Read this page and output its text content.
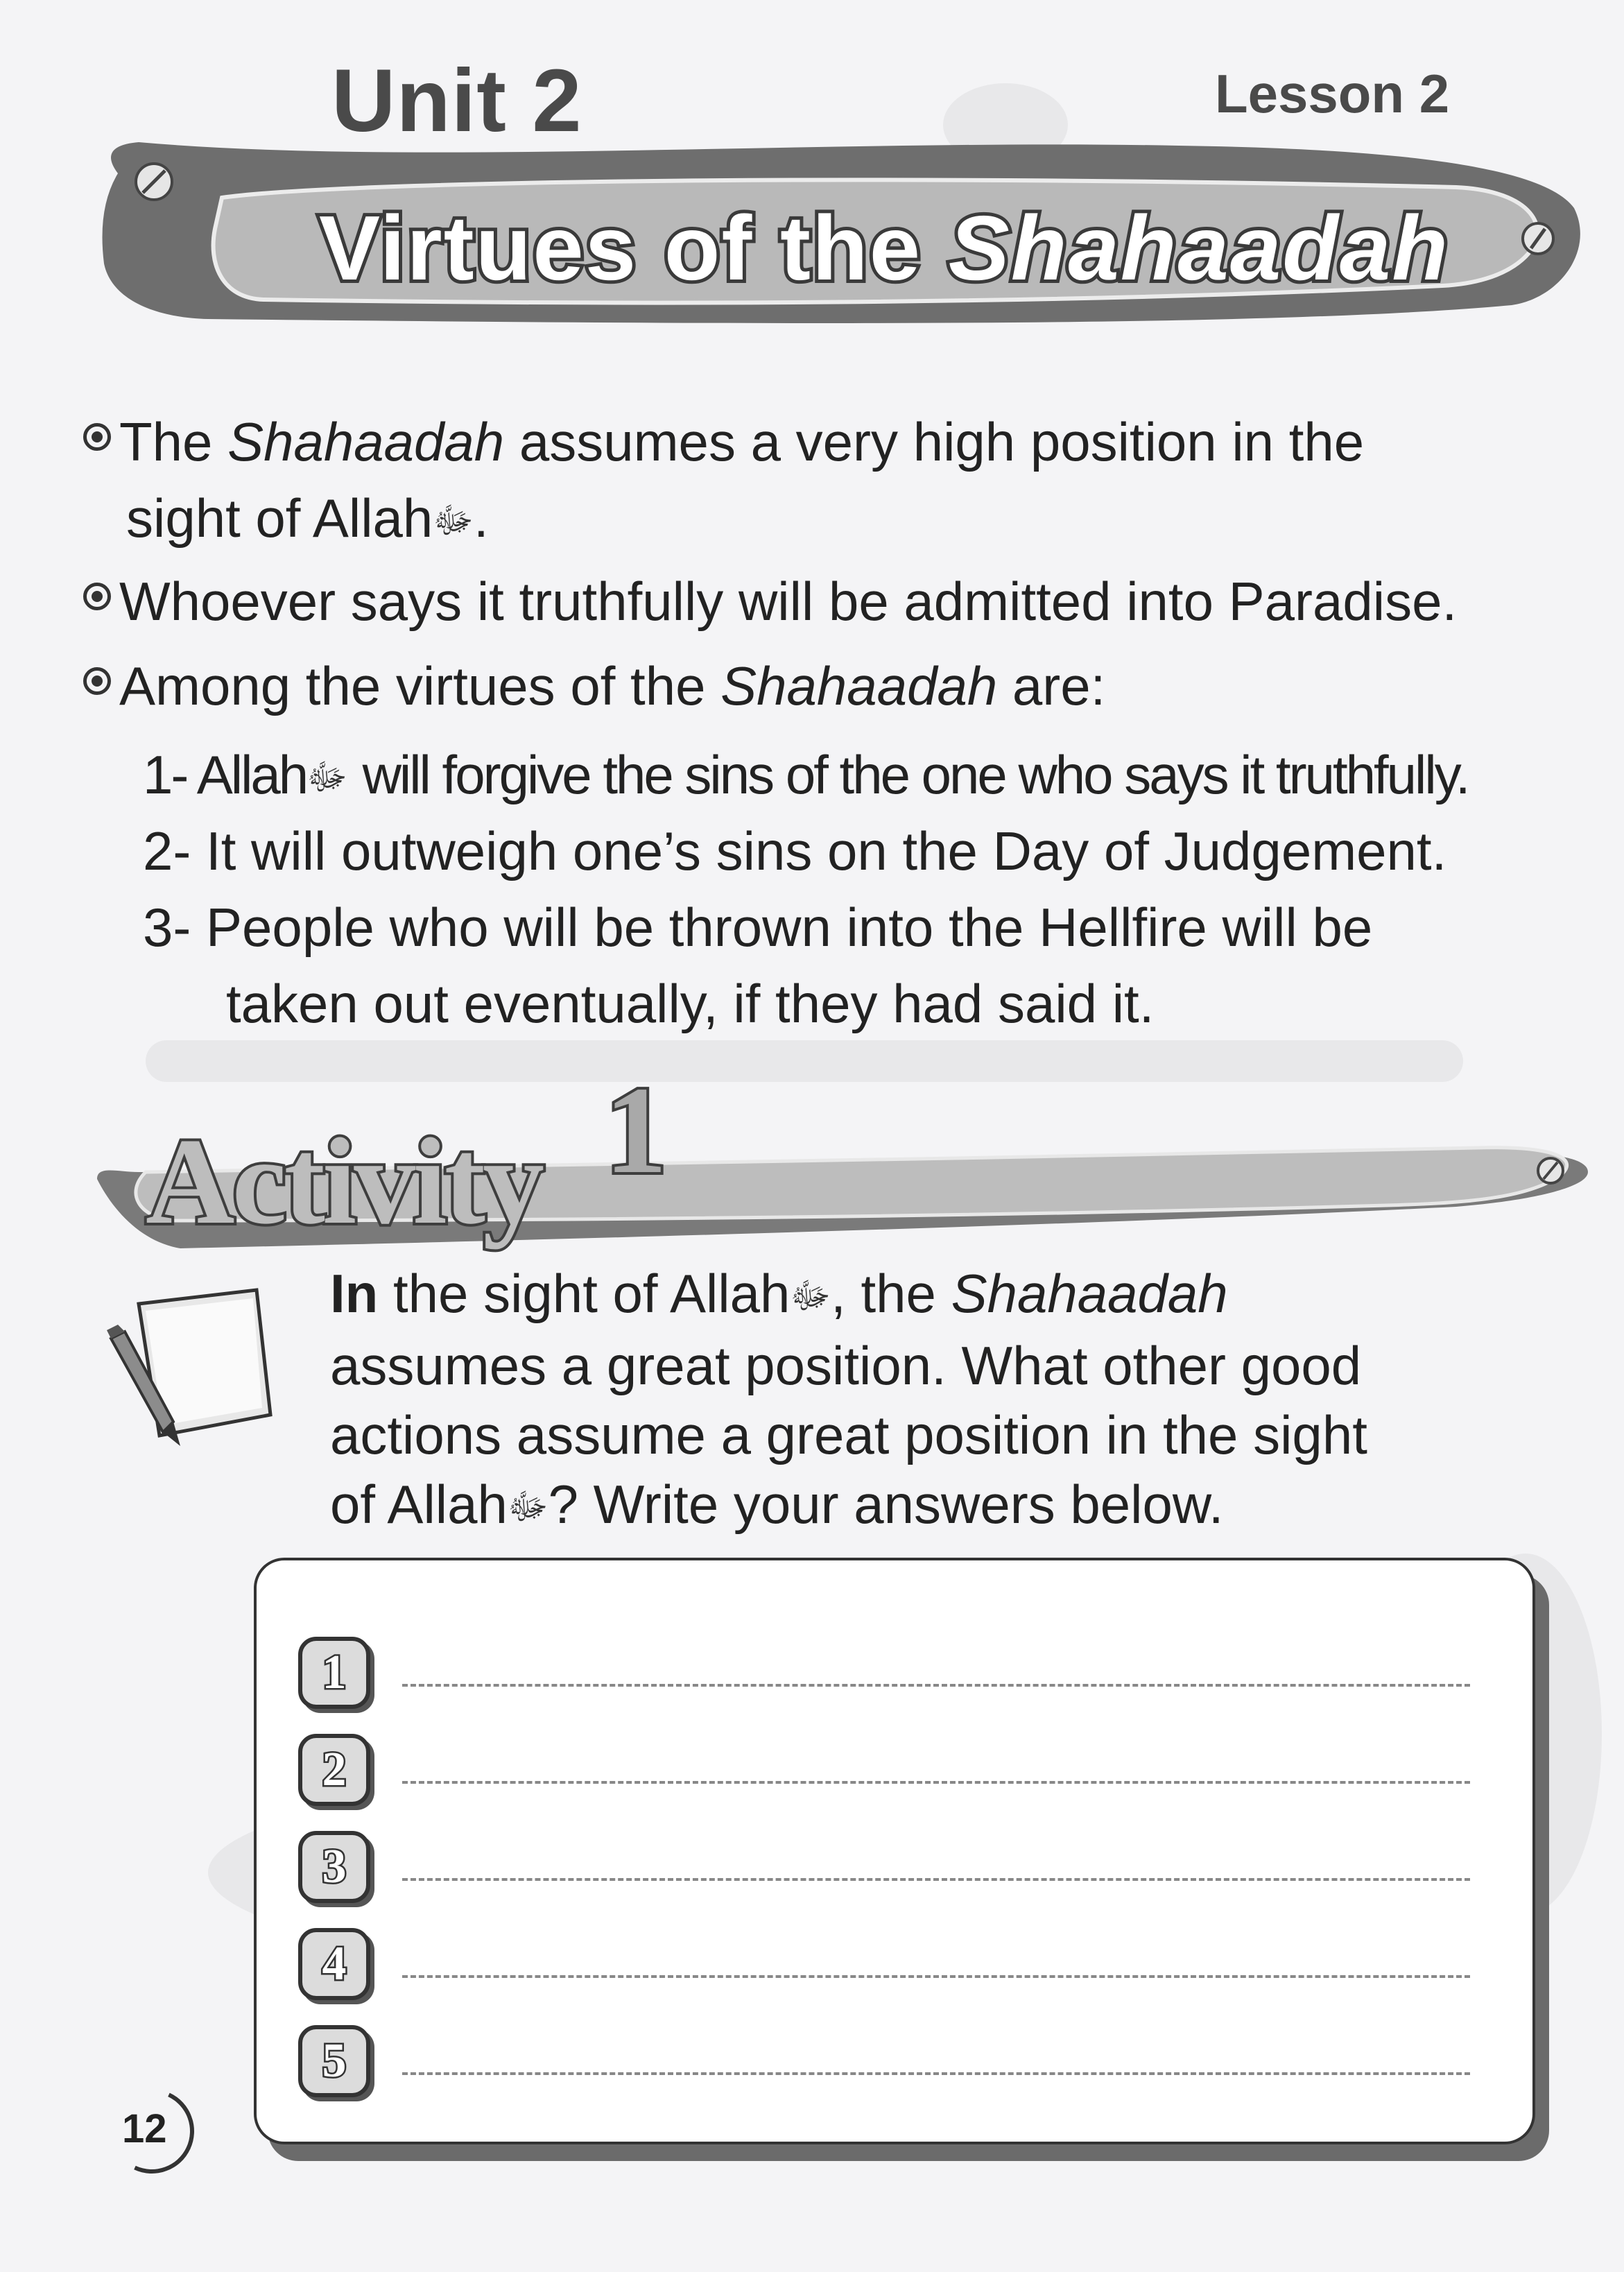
Unit 2	Lesson 2
Virtues of the Shahaadah
The Shahaadah assumes a very high position in the
sight of Allahﷻ.
Whoever says it truthfully will be admitted into Paradise.
Among the virtues of the Shahaadah are:
1- Allahﷻ will forgive the sins of the one who says it truthfully.
2- It will outweigh one’s sins on the Day of Judgement.
3- People who will be thrown into the Hellfire will be
taken out eventually, if they had said it.
Activity 1
In the sight of Allahﷻ, the Shahaadah
assumes a great position. What other good
actions assume a great position in the sight
of Allahﷻ? Write your answers below.
1
2
3
4
5
12
